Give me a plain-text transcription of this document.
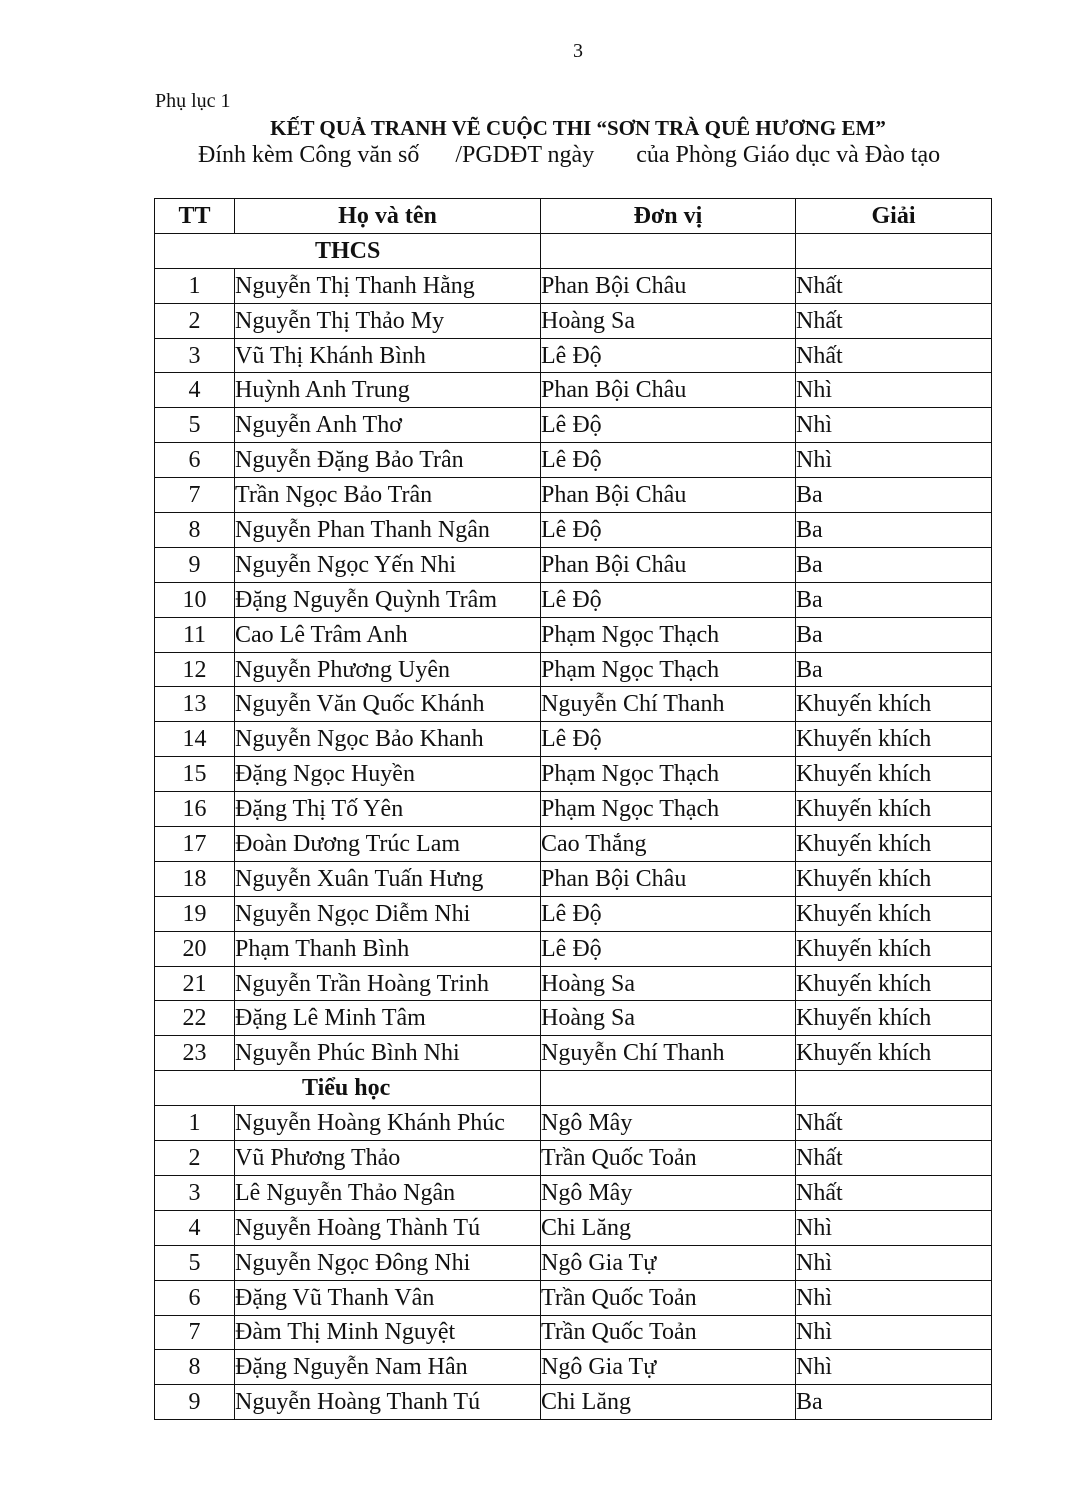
3
Phụ lục 1
KẾT QUẢ TRANH VẼ CUỘC THI “SƠN TRÀ QUÊ HƯƠNG EM”
Đính kèm Công văn số      /PGDĐT ngày       của Phòng Giáo dục và Đào tạo
TT	Họ và tên	Đơn vị	Giải
THCS			
1	Nguyễn Thị Thanh Hằng	Phan Bội Châu	Nhất
2	Nguyễn Thị Thảo My	Hoàng Sa	Nhất
3	Vũ Thị Khánh Bình	Lê Độ	Nhất
4	Huỳnh Anh Trung	Phan Bội Châu	Nhì
5	Nguyễn Anh Thơ	Lê Độ	Nhì
6	Nguyễn Đặng Bảo Trân	Lê Độ	Nhì
7	Trần Ngọc Bảo Trân	Phan Bội Châu	Ba
8	Nguyễn Phan Thanh Ngân	Lê Độ	Ba
9	Nguyễn Ngọc Yến Nhi	Phan Bội Châu	Ba
10	Đặng Nguyễn Quỳnh Trâm	Lê Độ	Ba
11	Cao Lê Trâm Anh	Phạm Ngọc Thạch	Ba
12	Nguyễn Phương Uyên	Phạm Ngọc Thạch	Ba
13	Nguyễn Văn Quốc Khánh	Nguyễn Chí Thanh	Khuyến khích
14	Nguyễn Ngọc Bảo Khanh	Lê Độ	Khuyến khích
15	Đặng Ngọc Huyền	Phạm Ngọc Thạch	Khuyến khích
16	Đặng Thị Tố Yên	Phạm Ngọc Thạch	Khuyến khích
17	Đoàn Dương Trúc Lam	Cao Thắng	Khuyến khích
18	Nguyễn Xuân Tuấn Hưng	Phan Bội Châu	Khuyến khích
19	Nguyễn Ngọc Diễm Nhi	Lê Độ	Khuyến khích
20	Phạm Thanh Bình	Lê Độ	Khuyến khích
21	Nguyễn Trần Hoàng Trinh	Hoàng Sa	Khuyến khích
22	Đặng Lê Minh Tâm	Hoàng Sa	Khuyến khích
23	Nguyễn Phúc Bình Nhi	Nguyễn Chí Thanh	Khuyến khích
Tiểu học			
1	Nguyễn Hoàng Khánh Phúc	Ngô Mây	Nhất
2	Vũ Phương Thảo	Trần Quốc Toản	Nhất
3	Lê Nguyễn Thảo Ngân	Ngô Mây	Nhất
4	Nguyễn Hoàng Thành Tú	Chi Lăng	Nhì
5	Nguyễn Ngọc Đông Nhi	Ngô Gia Tự	Nhì
6	Đặng Vũ Thanh Vân	Trần Quốc Toản	Nhì
7	Đàm Thị Minh Nguyệt	Trần Quốc Toản	Nhì
8	Đặng Nguyễn Nam Hân	Ngô Gia Tự	Nhì
9	Nguyễn Hoàng Thanh Tú	Chi Lăng	Ba
